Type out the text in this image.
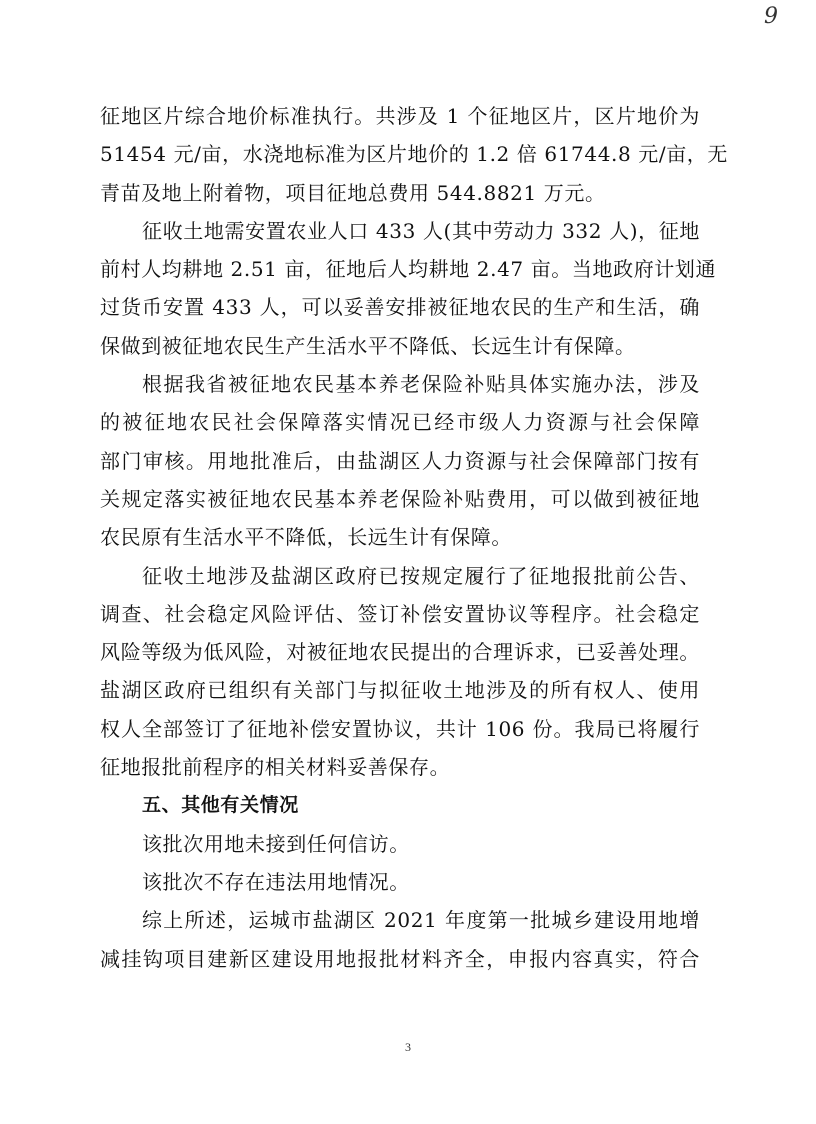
9
征地区片综合地价标准执行。共涉及 1 个征地区片，区片地价为
51454 元/亩，水浇地标准为区片地价的 1.2 倍 61744.8 元/亩，无
青苗及地上附着物，项目征地总费用 544.8821 万元。
征收土地需安置农业人口 433 人(其中劳动力 332 人)，征地
前村人均耕地 2.51 亩，征地后人均耕地 2.47 亩。当地政府计划通
过货币安置 433 人，可以妥善安排被征地农民的生产和生活，确
保做到被征地农民生产生活水平不降低、长远生计有保障。
根据我省被征地农民基本养老保险补贴具体实施办法，涉及
的被征地农民社会保障落实情况已经市级人力资源与社会保障
部门审核。用地批准后，由盐湖区人力资源与社会保障部门按有
关规定落实被征地农民基本养老保险补贴费用，可以做到被征地
农民原有生活水平不降低，长远生计有保障。
征收土地涉及盐湖区政府已按规定履行了征地报批前公告、
调查、社会稳定风险评估、签订补偿安置协议等程序。社会稳定
风险等级为低风险，对被征地农民提出的合理诉求，已妥善处理。
盐湖区政府已组织有关部门与拟征收土地涉及的所有权人、使用
权人全部签订了征地补偿安置协议，共计 106 份。我局已将履行
征地报批前程序的相关材料妥善保存。
五、其他有关情况
该批次用地未接到任何信访。
该批次不存在违法用地情况。
综上所述，运城市盐湖区 2021 年度第一批城乡建设用地增
减挂钩项目建新区建设用地报批材料齐全，申报内容真实，符合
3
